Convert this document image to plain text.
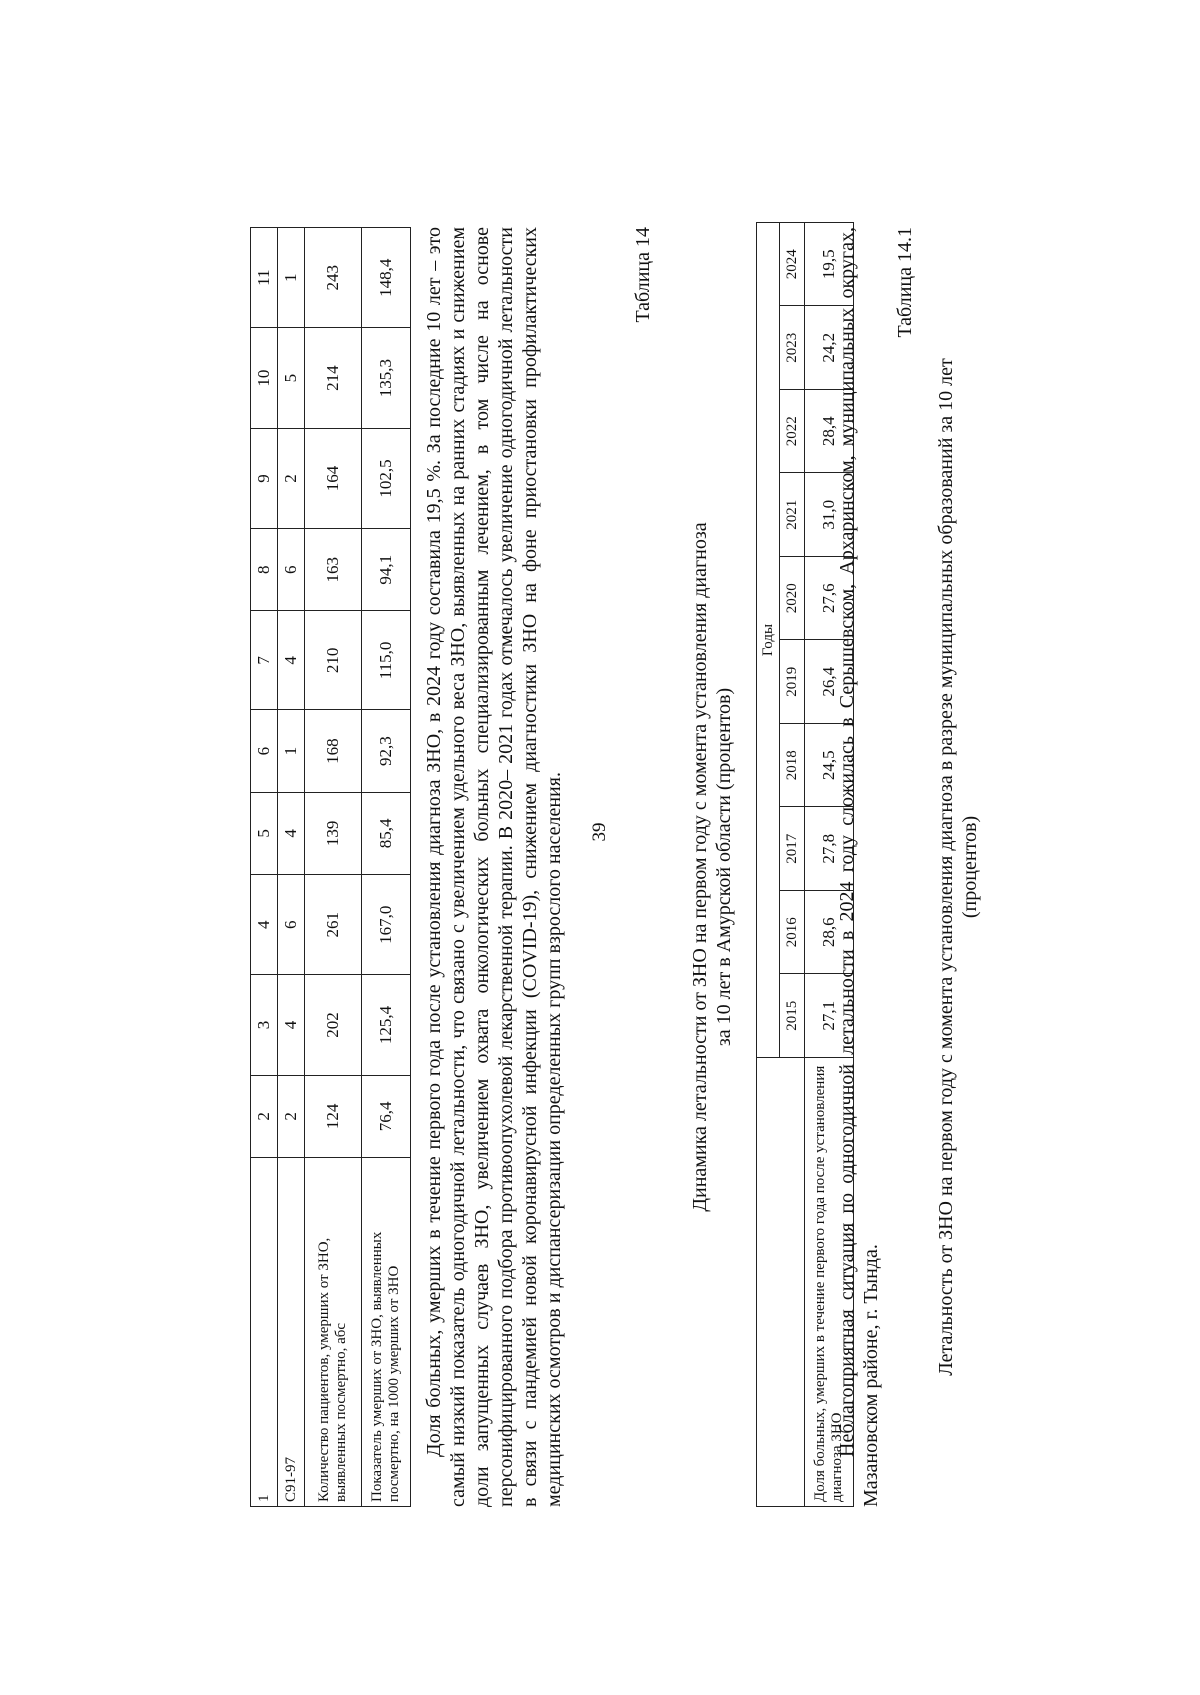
39
1	2	3	4	5	6	7	8	9	10	11
C91-97	2	4	6	4	1	4	6	2	5	1
Количество пациентов, умерших от ЗНО, выявленных посмертно, абс	124	202	261	139	168	210	163	164	214	243
Показатель умерших от ЗНО, выявленных посмертно, на 1000 умерших от ЗНО	76,4	125,4	167,0	85,4	92,3	115,0	94,1	102,5	135,3	148,4 Доля больных, умерших в течение первого года после установления диагноза ЗНО, в 2024 году составила 19,5 %. За последние 10 лет – это самый низкий показатель одногодичной летальности, что связано с увеличением удельного веса ЗНО, выявленных на ранних стадиях и снижением доли запущенных случаев ЗНО, увеличением охвата онкологических больных специализированным лечением, в том числе на основе персонифицированного подбора противоопухолевой лекарственной терапии. В 2020– 2021 годах отмечалось увеличение одногодичной летальности в связи с пандемией новой коронавирусной инфекции (COVID-19), снижением диагностики ЗНО на фоне приостановки профилактических медицинских осмотров и диспансеризации определенных групп взрослого населения.
Таблица 14
Динамика летальности от ЗНО на первом году с момента установления диагноза за 10 лет в Амурской области (процентов)
	Годы									
	2015	2016	2017	2018	2019	2020	2021	2022	2023	2024
Доля больных, умерших в течение первого года после установления диагноза ЗНО	27,1	28,6	27,8	24,5	26,4	27,6	31,0	28,4	24,2	19,5
Неблагоприятная ситуация по одногодичной летальности в 2024 году сложилась в Серышевском, Архаринском, муниципальных округах, Мазановском районе, г. Тында.
Таблица 14.1
Летальность от ЗНО на первом году с момента установления диагноза в разрезе муниципальных образований за 10 лет (процентов)
